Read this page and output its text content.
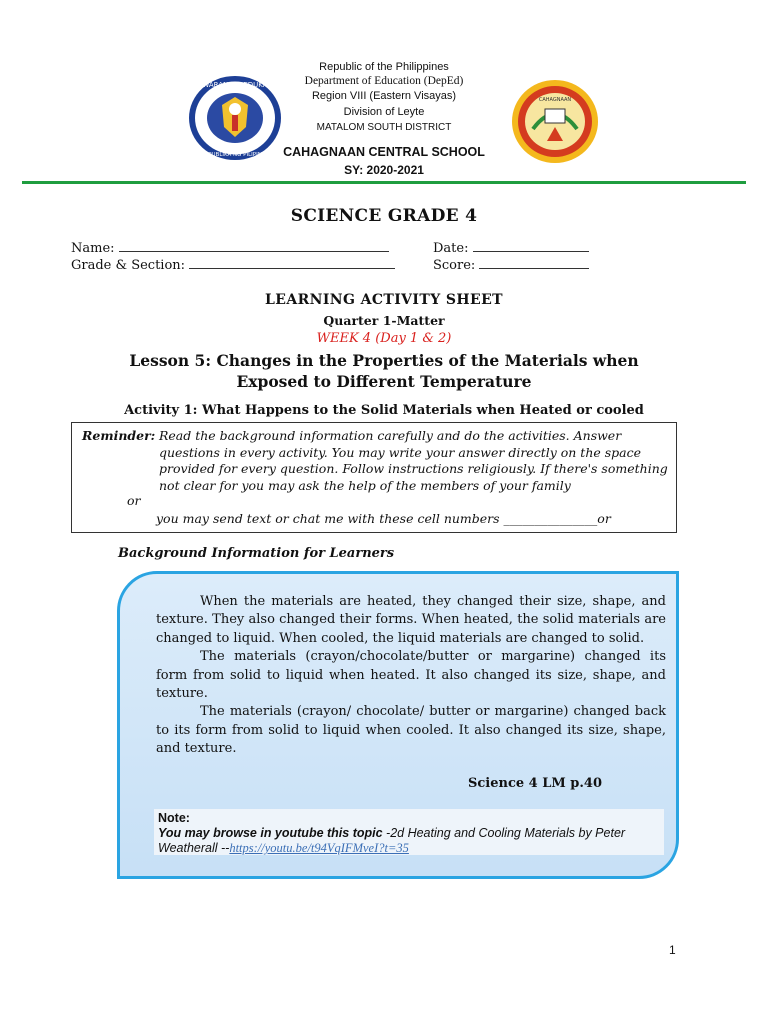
KAGAWARAN NG EDUKASYON
REPUBLIKA NG PILIPINAS
CAHAGNAAN
Republic of the Philippines
Department of Education (DepEd)
Region VIII (Eastern Visayas)
Division of Leyte
MATALOM SOUTH DISTRICT
CAHAGNAAN CENTRAL SCHOOL
SY: 2020-2021
SCIENCE GRADE 4
Name:	Date:
Grade & Section:	Score:
LEARNING ACTIVITY SHEET
Quarter 1-Matter
WEEK 4 (Day 1 & 2)
Lesson 5: Changes in the Properties of the Materials when
Exposed to Different Temperature
Activity 1: What Happens to the Solid Materials when Heated or cooled
Reminder: Read the background information carefully and do the activities. Answer questions in every activity. You may write your answer directly on the space provided for every question. Follow instructions religiously. If there's something not clear for you may ask the help of the members of your family
or
you may send text or chat me with these cell numbers _______________or
Background Information for Learners

When the materials are heated, they changed their size, shape, and texture. They also changed their forms. When heated, the solid materials are changed to liquid. When cooled, the liquid materials are changed to solid.

The materials (crayon/chocolate/butter or margarine) changed its form from solid to liquid when heated. It also changed its size, shape, and texture.

The materials (crayon/ chocolate/ butter or margarine) changed back to its form from solid to liquid when cooled. It also changed its size, shape, and texture.

Science 4 LM p.40
Note:
You may browse in youtube this topic -2d Heating and Cooling Materials by Peter Weatherall --https://youtu.be/t94VqIFMveI?t=35
1
